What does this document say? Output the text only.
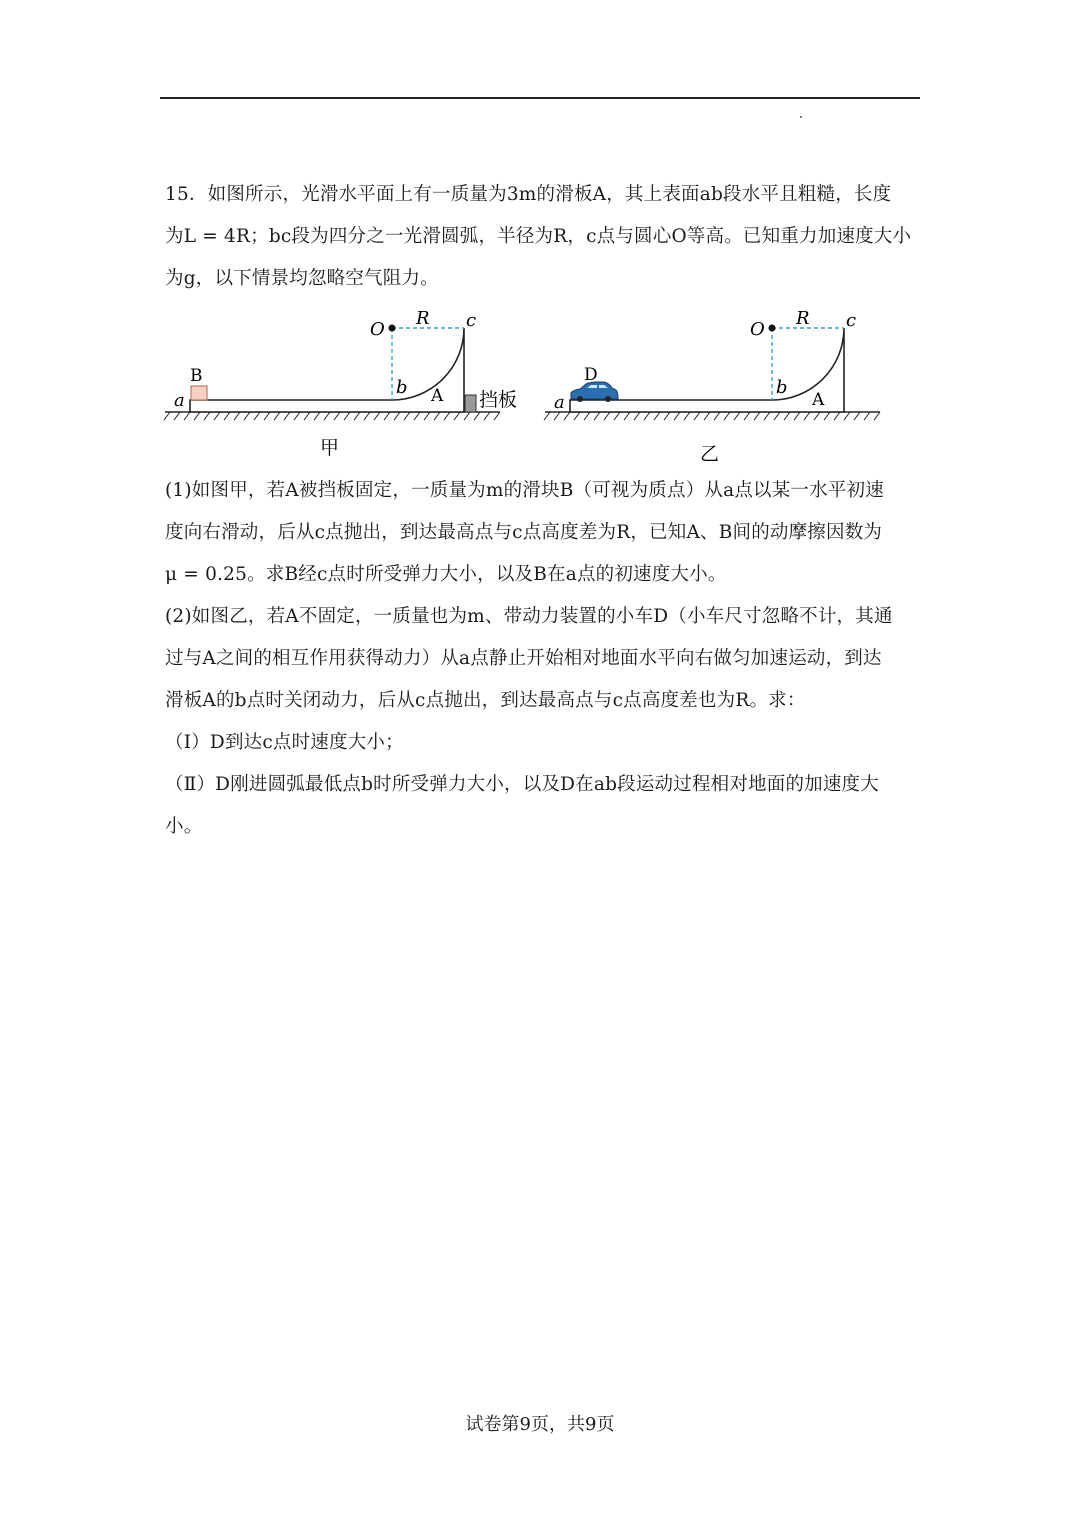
15．如图所示，光滑水平面上有一质量为3m的滑板A，其上表面ab段水平且粗糙，长度

为L = 4R；bc段为四分之一光滑圆弧，半径为R，c点与圆心O等高。已知重力加速度大小

为g，以下情景均忽略空气阻力。

O
R c
b
a	A
B
挡板
甲
O
R c
b
a	A
D
乙

(1)如图甲，若A被挡板固定，一质量为m的滑块B（可视为质点）从a点以某一水平初速

度向右滑动，后从c点抛出，到达最高点与c点高度差为R，已知A、B间的动摩擦因数为

μ = 0.25。求B经c点时所受弹力大小，以及B在a点的初速度大小。

(2)如图乙，若A不固定，一质量也为m、带动力装置的小车D（小车尺寸忽略不计，其通

过与A之间的相互作用获得动力）从a点静止开始相对地面水平向右做匀加速运动，到达

滑板A的b点时关闭动力，后从c点抛出，到达最高点与c点高度差也为R。求：

（Ⅰ）D到达c点时速度大小；

（Ⅱ）D刚进圆弧最低点b时所受弹力大小，以及D在ab段运动过程相对地面的加速度大

小。

试卷第9页，共9页
